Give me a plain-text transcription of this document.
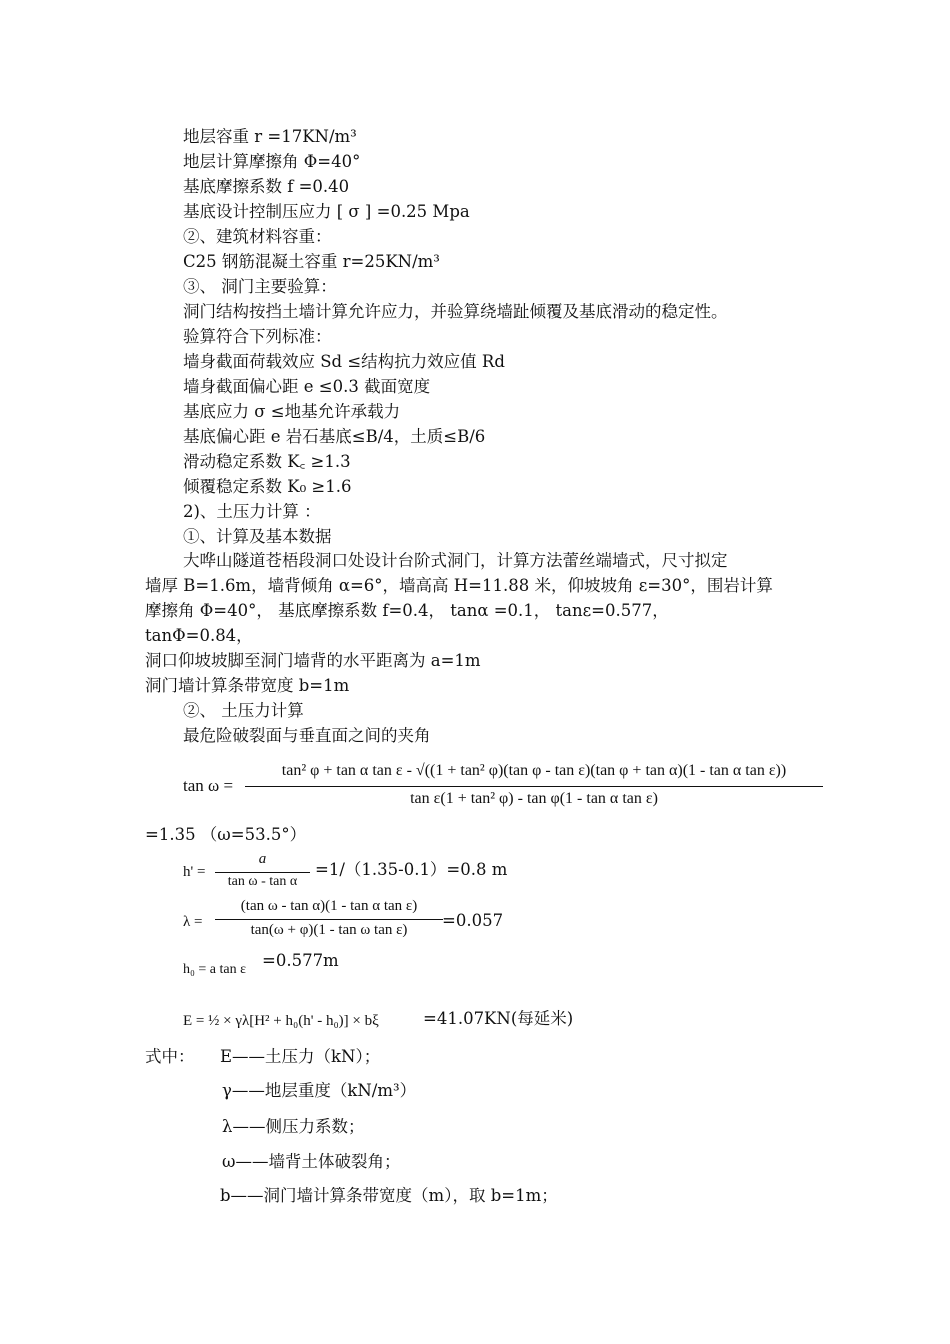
地层容重 r =17KN/m³
地层计算摩擦角 Φ=40°
基底摩擦系数 f =0.40
基底设计控制压应力 [ σ ] =0.25 Mpa
②、建筑材料容重：
C25 钢筋混凝土容重 r=25KN/m³
③、 洞门主要验算：
洞门结构按挡土墙计算允许应力，并验算绕墙趾倾覆及基底滑动的稳定性。
验算符合下列标准：
墙身截面荷载效应 Sd ≤结构抗力效应值 Rd
墙身截面偏心距 e ≤0.3 截面宽度
基底应力 σ ≤地基允许承载力
基底偏心距 e 岩石基底≤B/4，土质≤B/6
滑动稳定系数 K꜀ ≥1.3
倾覆稳定系数 K₀ ≥1.6
2)、土压力计算 ：
①、计算及基本数据
大哗山隧道苍梧段洞口处设计台阶式洞门，计算方法蕾丝端墙式，尺寸拟定
墙厚 B=1.6m，墙背倾角 α=6°，墙高高 H=11.88 米，仰坡坡角 ε=30°，围岩计算
摩擦角 Φ=40°， 基底摩擦系数 f=0.4， tanα =0.1， tanε=0.577，
tanΦ=0.84，
洞口仰坡坡脚至洞门墙背的水平距离为 a=1m
洞门墙计算条带宽度 b=1m
②、 土压力计算
最危险破裂面与垂直面之间的夹角
tan ω =
tan² φ + tan α tan ε - √((1 + tan² φ)(tan φ - tan ε)(tan φ + tan α)(1 - tan α tan ε))
tan ε(1 + tan² φ) - tan φ(1 - tan α tan ε)
=1.35 （ω=53.5°）
h' =
a
tan ω - tan α
=1/（1.35-0.1）=0.8 m
λ =
(tan ω - tan α)(1 - tan α tan ε)
tan(ω + φ)(1 - tan ω tan ε)	=0.057
h₀ = a tan ε =0.577m
E = ½ × γλ[H² + h₀(h' - h₀)] × bξ	=41.07KN(每延米)
式中： E——土压力（kN）；
γ——地层重度（kN/m³）
λ——侧压力系数；
ω——墙背土体破裂角；
b——洞门墙计算条带宽度（m），取 b=1m；
